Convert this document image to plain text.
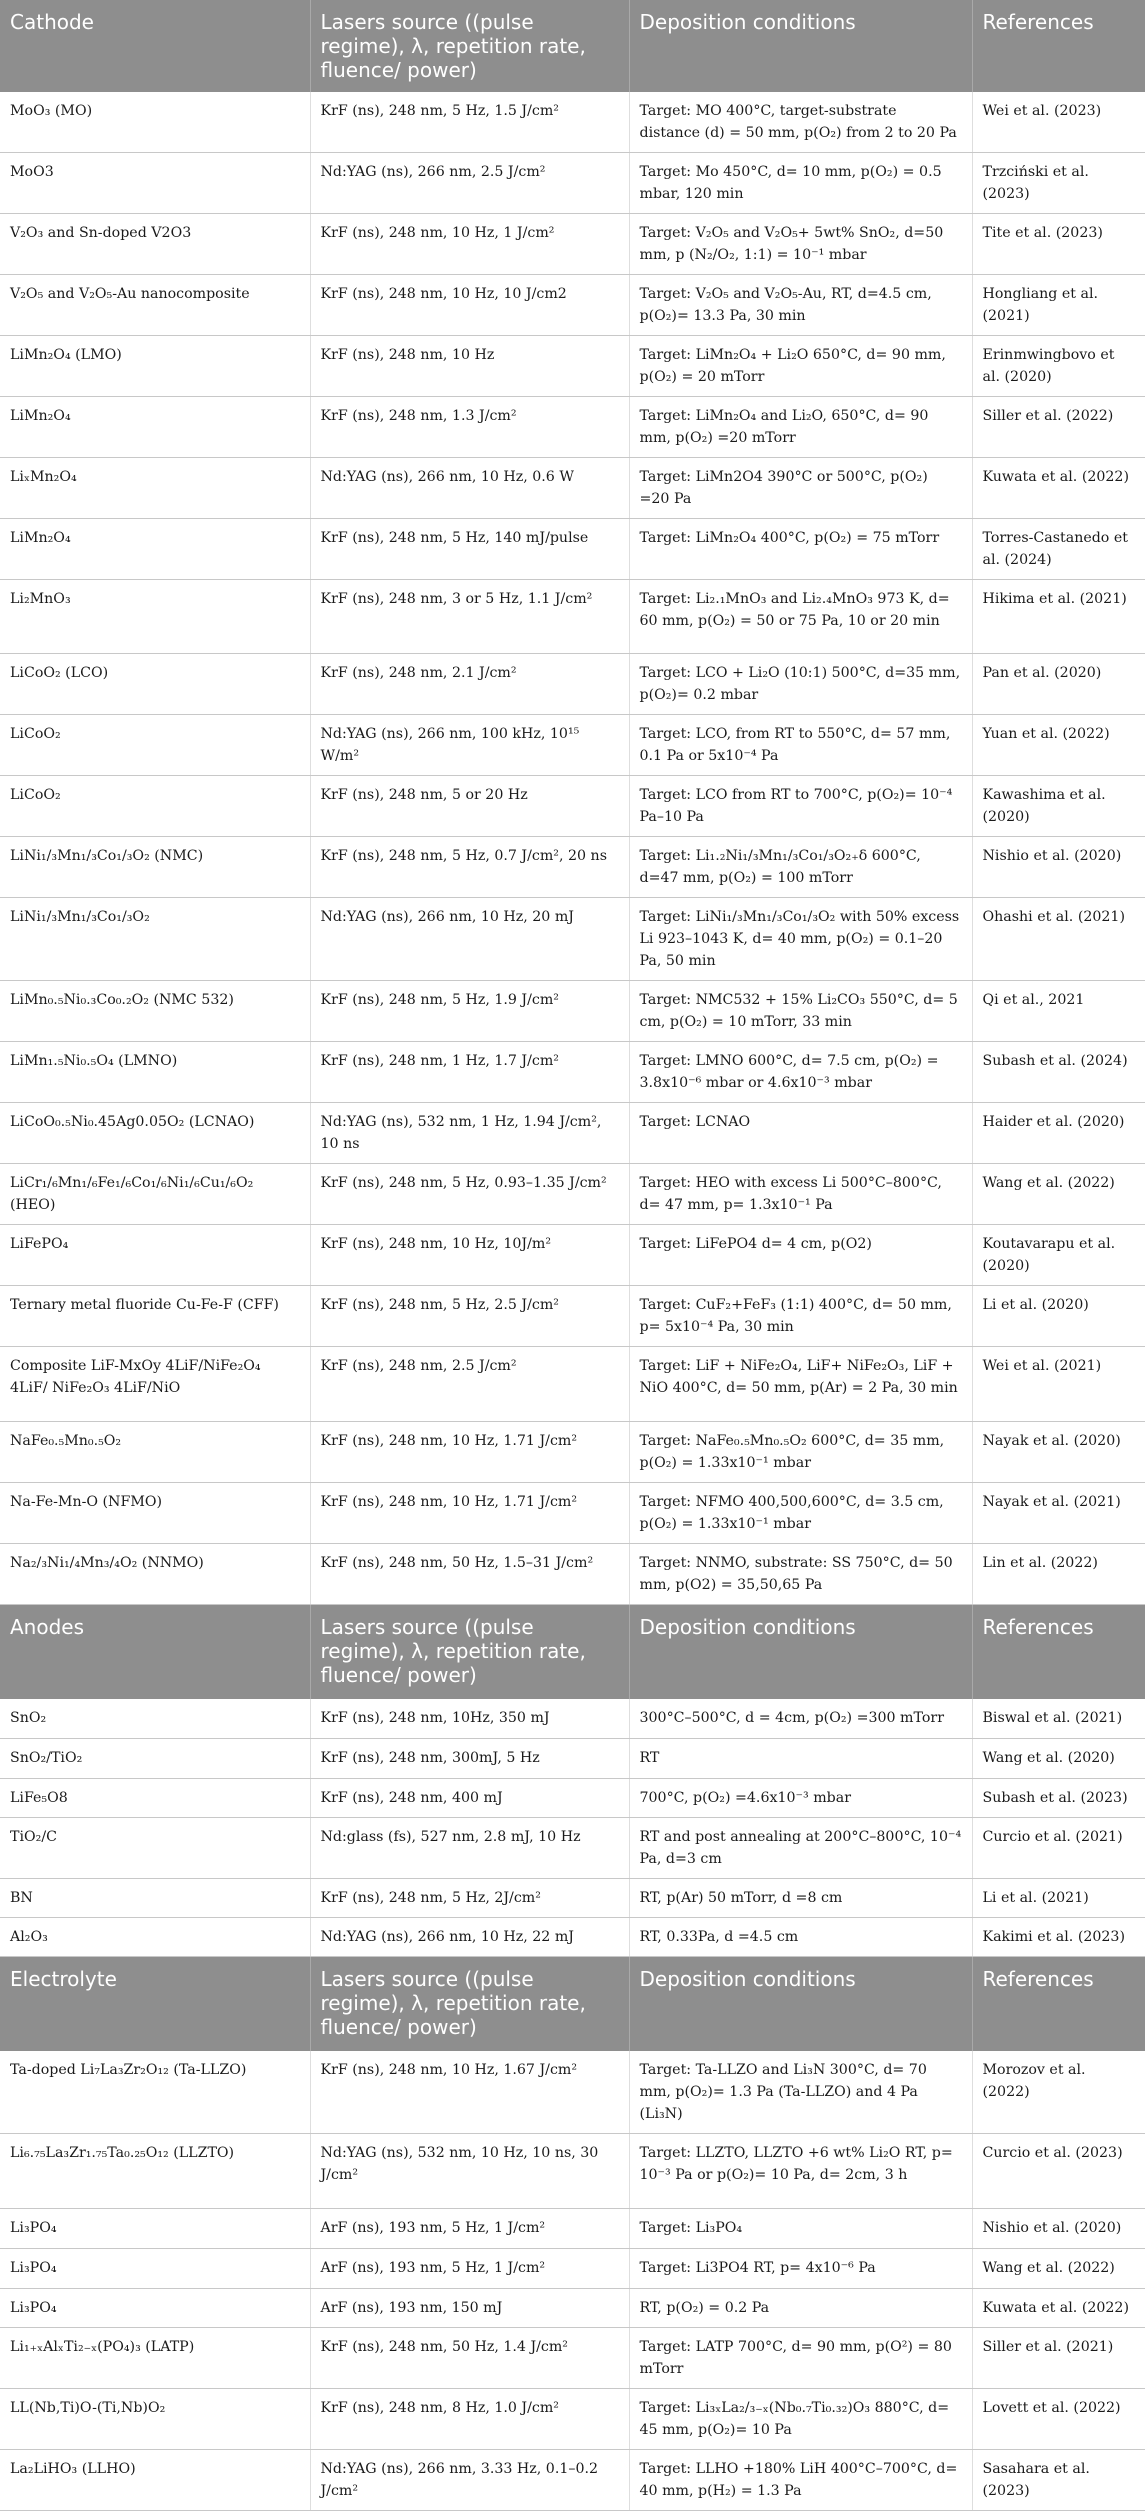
Cathode	Lasers source ((pulse regime), λ, repetition rate, fluence/ power)	Deposition conditions	References
MoO₃ (MO)	KrF (ns), 248 nm, 5 Hz, 1.5 J/cm²	Target: MO 400°C, target-substrate distance (d) = 50 mm, p(O₂) from 2 to 20 Pa	Wei et al. (2023)
MoO3	Nd:YAG (ns), 266 nm, 2.5 J/cm²	Target: Mo 450°C, d= 10 mm, p(O₂) = 0.5 mbar, 120 min	Trzciński et al. (2023)
V₂O₃ and Sn-doped V2O3	KrF (ns), 248 nm, 10 Hz, 1 J/cm²	Target: V₂O₅ and V₂O₅+ 5wt% SnO₂, d=50 mm, p (N₂/O₂, 1:1) = 10⁻¹ mbar	Tite et al. (2023)
V₂O₅ and V₂O₅-Au nanocomposite	KrF (ns), 248 nm, 10 Hz, 10 J/cm2	Target: V₂O₅ and V₂O₅-Au, RT, d=4.5 cm, p(O₂)= 13.3 Pa, 30 min	Hongliang et al. (2021)
LiMn₂O₄ (LMO)	KrF (ns), 248 nm, 10 Hz	Target: LiMn₂O₄ + Li₂O 650°C, d= 90 mm, p(O₂) = 20 mTorr	Erinmwingbovo et al. (2020)
LiMn₂O₄	KrF (ns), 248 nm, 1.3 J/cm²	Target: LiMn₂O₄ and Li₂O, 650°C, d= 90 mm, p(O₂) =20 mTorr	Siller et al. (2022)
LiₓMn₂O₄	Nd:YAG (ns), 266 nm, 10 Hz, 0.6 W	Target: LiMn2O4 390°C or 500°C, p(O₂) =20 Pa	Kuwata et al. (2022)
LiMn₂O₄	KrF (ns), 248 nm, 5 Hz, 140 mJ/pulse	Target: LiMn₂O₄ 400°C, p(O₂) = 75 mTorr	Torres-Castanedo et al. (2024)
Li₂MnO₃	KrF (ns), 248 nm, 3 or 5 Hz, 1.1 J/cm²	Target: Li₂.₁MnO₃ and Li₂.₄MnO₃ 973 K, d= 60 mm, p(O₂) = 50 or 75 Pa, 10 or 20 min	Hikima et al. (2021)
LiCoO₂ (LCO)	KrF (ns), 248 nm, 2.1 J/cm²	Target: LCO + Li₂O (10:1) 500°C, d=35 mm, p(O₂)= 0.2 mbar	Pan et al. (2020)
LiCoO₂	Nd:YAG (ns), 266 nm, 100 kHz, 10¹⁵ W/m²	Target: LCO, from RT to 550°C, d= 57 mm, 0.1 Pa or 5x10⁻⁴ Pa	Yuan et al. (2022)
LiCoO₂	KrF (ns), 248 nm, 5 or 20 Hz	Target: LCO from RT to 700°C, p(O₂)= 10⁻⁴ Pa–10 Pa	Kawashima et al. (2020)
LiNi₁/₃Mn₁/₃Co₁/₃O₂ (NMC)	KrF (ns), 248 nm, 5 Hz, 0.7 J/cm², 20 ns	Target: Li₁.₂Ni₁/₃Mn₁/₃Co₁/₃O₂₊δ 600°C, d=47 mm, p(O₂) = 100 mTorr	Nishio et al. (2020)
LiNi₁/₃Mn₁/₃Co₁/₃O₂	Nd:YAG (ns), 266 nm, 10 Hz, 20 mJ	Target: LiNi₁/₃Mn₁/₃Co₁/₃O₂ with 50% excess Li 923–1043 K, d= 40 mm, p(O₂) = 0.1–20 Pa, 50 min	Ohashi et al. (2021)
LiMn₀.₅Ni₀.₃Co₀.₂O₂ (NMC 532)	KrF (ns), 248 nm, 5 Hz, 1.9 J/cm²	Target: NMC532 + 15% Li₂CO₃ 550°C, d= 5 cm, p(O₂) = 10 mTorr, 33 min	Qi et al., 2021
LiMn₁.₅Ni₀.₅O₄ (LMNO)	KrF (ns), 248 nm, 1 Hz, 1.7 J/cm²	Target: LMNO 600°C, d= 7.5 cm, p(O₂) = 3.8x10⁻⁶ mbar or 4.6x10⁻³ mbar	Subash et al. (2024)
LiCoO₀.₅Ni₀.45Ag0.05O₂ (LCNAO)	Nd:YAG (ns), 532 nm, 1 Hz, 1.94 J/cm², 10 ns	Target: LCNAO	Haider et al. (2020)
LiCr₁/₆Mn₁/₆Fe₁/₆Co₁/₆Ni₁/₆Cu₁/₆O₂ (HEO)	KrF (ns), 248 nm, 5 Hz, 0.93–1.35 J/cm²	Target: HEO with excess Li 500°C–800°C, d= 47 mm, p= 1.3x10⁻¹ Pa	Wang et al. (2022)
LiFePO₄	KrF (ns), 248 nm, 10 Hz, 10J/m²	Target: LiFePO4 d= 4 cm, p(O2)	Koutavarapu et al. (2020)
Ternary metal fluoride Cu-Fe-F (CFF)	KrF (ns), 248 nm, 5 Hz, 2.5 J/cm²	Target: CuF₂+FeF₃ (1:1) 400°C, d= 50 mm, p= 5x10⁻⁴ Pa, 30 min	Li et al. (2020)
Composite LiF-MxOy 4LiF/NiFe₂O₄ 4LiF/ NiFe₂O₃ 4LiF/NiO	KrF (ns), 248 nm, 2.5 J/cm²	Target: LiF + NiFe₂O₄, LiF+ NiFe₂O₃, LiF + NiO 400°C, d= 50 mm, p(Ar) = 2 Pa, 30 min	Wei et al. (2021)
NaFe₀.₅Mn₀.₅O₂	KrF (ns), 248 nm, 10 Hz, 1.71 J/cm²	Target: NaFe₀.₅Mn₀.₅O₂ 600°C, d= 35 mm, p(O₂) = 1.33x10⁻¹ mbar	Nayak et al. (2020)
Na-Fe-Mn-O (NFMO)	KrF (ns), 248 nm, 10 Hz, 1.71 J/cm²	Target: NFMO 400,500,600°C, d= 3.5 cm, p(O₂) = 1.33x10⁻¹ mbar	Nayak et al. (2021)
Na₂/₃Ni₁/₄Mn₃/₄O₂ (NNMO)	KrF (ns), 248 nm, 50 Hz, 1.5–31 J/cm²	Target: NNMO, substrate: SS 750°C, d= 50 mm, p(O2) = 35,50,65 Pa	Lin et al. (2022)
Anodes	Lasers source ((pulse regime), λ, repetition rate, fluence/ power)	Deposition conditions	References
SnO₂	KrF (ns), 248 nm, 10Hz, 350 mJ	300°C–500°C, d = 4cm, p(O₂) =300 mTorr	Biswal et al. (2021)
SnO₂/TiO₂	KrF (ns), 248 nm, 300mJ, 5 Hz	RT	Wang et al. (2020)
LiFe₅O8	KrF (ns), 248 nm, 400 mJ	700°C, p(O₂) =4.6x10⁻³ mbar	Subash et al. (2023)
TiO₂/C	Nd:glass (fs), 527 nm, 2.8 mJ, 10 Hz	RT and post annealing at 200°C–800°C, 10⁻⁴ Pa, d=3 cm	Curcio et al. (2021)
BN	KrF (ns), 248 nm, 5 Hz, 2J/cm²	RT, p(Ar) 50 mTorr, d =8 cm	Li et al. (2021)
Al₂O₃	Nd:YAG (ns), 266 nm, 10 Hz, 22 mJ	RT, 0.33Pa, d =4.5 cm	Kakimi et al. (2023)
Electrolyte	Lasers source ((pulse regime), λ, repetition rate, fluence/ power)	Deposition conditions	References
Ta-doped Li₇La₃Zr₂O₁₂ (Ta-LLZO)	KrF (ns), 248 nm, 10 Hz, 1.67 J/cm²	Target: Ta-LLZO and Li₃N 300°C, d= 70 mm, p(O₂)= 1.3 Pa (Ta-LLZO) and 4 Pa (Li₃N)	Morozov et al. (2022)
Li₆.₇₅La₃Zr₁.₇₅Ta₀.₂₅O₁₂ (LLZTO)	Nd:YAG (ns), 532 nm, 10 Hz, 10 ns, 30 J/cm²	Target: LLZTO, LLZTO +6 wt% Li₂O RT, p= 10⁻³ Pa or p(O₂)= 10 Pa, d= 2cm, 3 h	Curcio et al. (2023)
Li₃PO₄	ArF (ns), 193 nm, 5 Hz, 1 J/cm²	Target: Li₃PO₄	Nishio et al. (2020)
Li₃PO₄	ArF (ns), 193 nm, 5 Hz, 1 J/cm²	Target: Li3PO4 RT, p= 4x10⁻⁶ Pa	Wang et al. (2022)
Li₃PO₄	ArF (ns), 193 nm, 150 mJ	RT, p(O₂) = 0.2 Pa	Kuwata et al. (2022)
Li₁₊ₓAlₓTi₂₋ₓ(PO₄)₃ (LATP)	KrF (ns), 248 nm, 50 Hz, 1.4 J/cm²	Target: LATP 700°C, d= 90 mm, p(O²) = 80 mTorr	Siller et al. (2021)
LL(Nb,Ti)O-(Ti,Nb)O₂	KrF (ns), 248 nm, 8 Hz, 1.0 J/cm²	Target: Li₃ₓLa₂/₃₋ₓ(Nb₀.₇Ti₀.₃₂)O₃ 880°C, d= 45 mm, p(O₂)= 10 Pa	Lovett et al. (2022)
La₂LiHO₃ (LLHO)	Nd:YAG (ns), 266 nm, 3.33 Hz, 0.1–0.2 J/cm²	Target: LLHO +180% LiH 400°C–700°C, d= 40 mm, p(H₂) = 1.3 Pa	Sasahara et al. (2023)
